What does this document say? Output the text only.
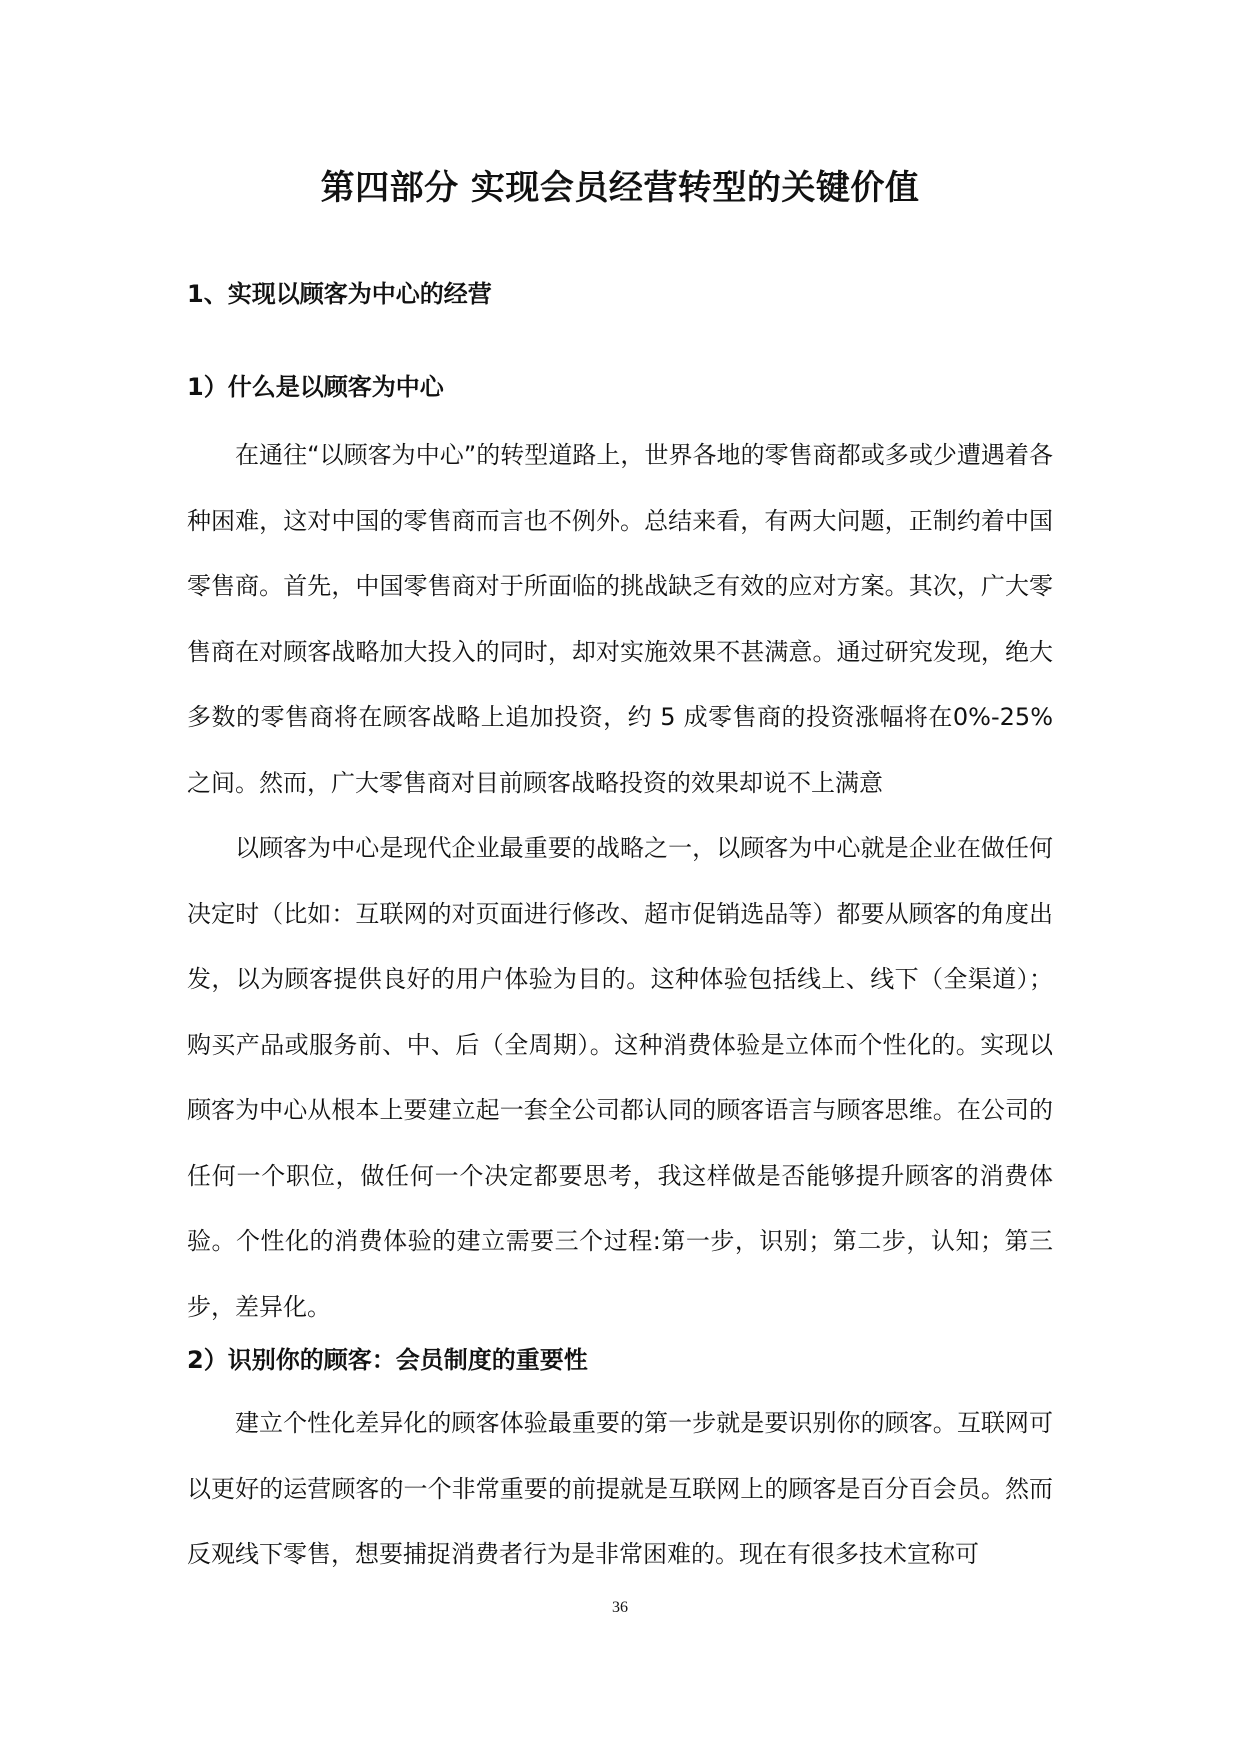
第四部分 实现会员经营转型的关键价值
1、实现以顾客为中心的经营
1）什么是以顾客为中心

在通往“以顾客为中心”的转型道路上，世界各地的零售商都或多或少遭遇着各种困难，这对中国的零售商而言也不例外。总结来看，有两大问题，正制约着中国零售商。首先，中国零售商对于所面临的挑战缺乏有效的应对方案。其次，广大零售商在对顾客战略加大投入的同时，却对实施效果不甚满意。通过研究发现，绝大多数的零售商将在顾客战略上追加投资，约 5 成零售商的投资涨幅将在0%-25%之间。然而，广大零售商对目前顾客战略投资的效果却说不上满意

以顾客为中心是现代企业最重要的战略之一，以顾客为中心就是企业在做任何决定时（比如：互联网的对页面进行修改、超市促销选品等）都要从顾客的角度出发，以为顾客提供良好的用户体验为目的。这种体验包括线上、线下（全渠道）；购买产品或服务前、中、后（全周期）。这种消费体验是立体而个性化的。实现以顾客为中心从根本上要建立起一套全公司都认同的顾客语言与顾客思维。在公司的任何一个职位，做任何一个决定都要思考，我这样做是否能够提升顾客的消费体验。个性化的消费体验的建立需要三个过程:第一步，识别；第二步，认知；第三步，差异化。

2）识别你的顾客：会员制度的重要性

建立个性化差异化的顾客体验最重要的第一步就是要识别你的顾客。互联网可以更好的运营顾客的一个非常重要的前提就是互联网上的顾客是百分百会员。然而反观线下零售，想要捕捉消费者行为是非常困难的。现在有很多技术宣称可

36
